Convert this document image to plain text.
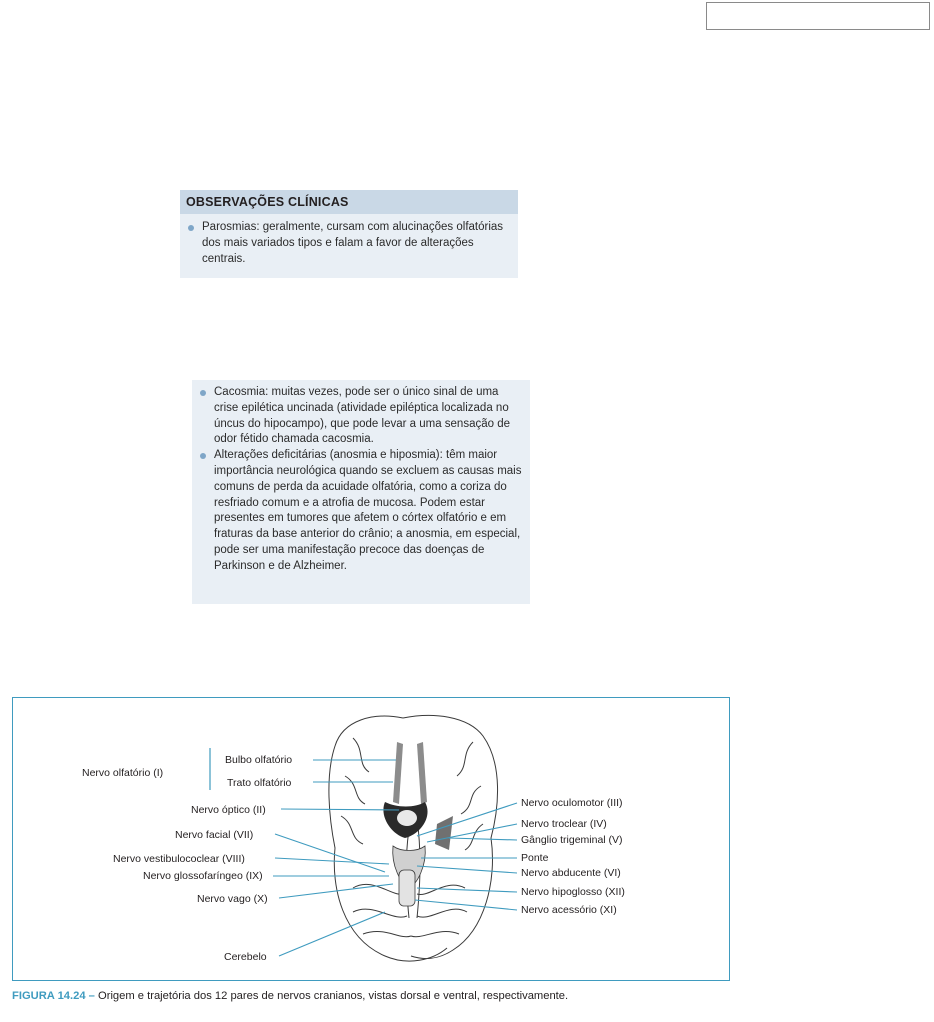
OBSERVAÇÕES CLÍNICAS
Parosmias: geralmente, cursam com alucinações olfatórias dos mais variados tipos e falam a favor de alterações centrais.
Cacosmia: muitas vezes, pode ser o único sinal de uma crise epilética uncinada (atividade epiléptica localizada no úncus do hipocampo), que pode levar a uma sensação de odor fétido chamada cacosmia.
Alterações deficitárias (anosmia e hiposmia): têm maior importância neurológica quando se excluem as causas mais comuns de perda da acuidade olfatória, como a coriza do resfriado comum e a atrofia de mucosa. Podem estar presentes em tumores que afetem o córtex olfatório e em fraturas da base anterior do crânio; a anosmia, em especial, pode ser uma manifestação precoce das doenças de Parkinson e de Alzheimer.
Nervo olfatório (I)
Bulbo olfatório
Trato olfatório
Nervo óptico (II)
Nervo facial (VII)
Nervo vestibulococlear (VIII)
Nervo glossofaríngeo (IX)
Nervo vago (X)
Cerebelo
Nervo oculomotor (III)
Nervo troclear (IV)
Gânglio trigeminal (V)
Ponte
Nervo abducente (VI)
Nervo hipoglosso (XII)
Nervo acessório (XI)
FIGURA 14.24 – Origem e trajetória dos 12 pares de nervos cranianos, vistas dorsal e ventral, respectivamente.
